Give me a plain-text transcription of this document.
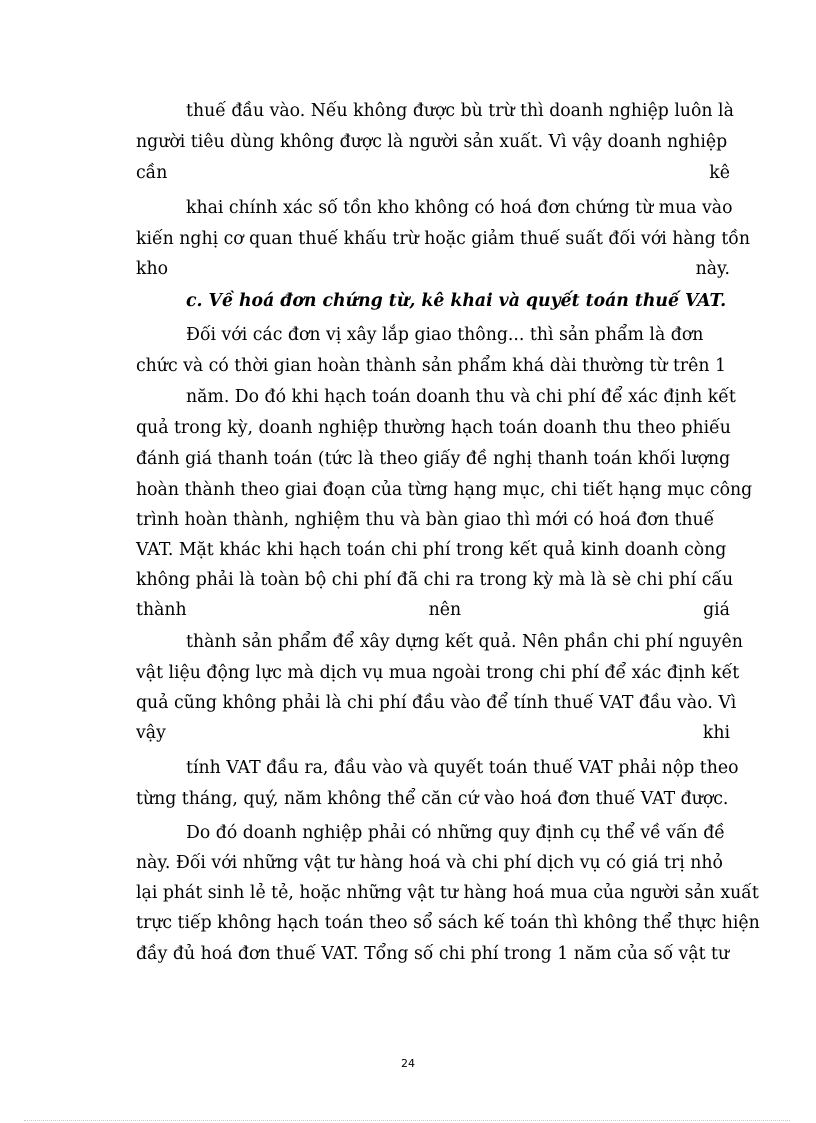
thuế đầu vào. Nếu không được bù trừ thì doanh nghiệp luôn là
người tiêu dùng không được là người sản xuất. Vì vậy doanh nghiệp
cần	kê
khai chính xác số tồn kho không có hoá đơn chứng từ mua vào
kiến nghị cơ quan thuế khấu trừ hoặc giảm thuế suất đối với hàng tồn
kho	này.
c. Về hoá đơn chứng từ, kê khai và quyết toán thuế VAT.
Đối với các đơn vị xây lắp giao thông... thì sản phẩm là đơn
chức và có thời gian hoàn thành sản phẩm khá dài thường từ trên 1
năm. Do đó khi hạch toán doanh thu và chi phí để xác định kết
quả trong kỳ, doanh nghiệp thường hạch toán doanh thu theo phiếu
đánh giá thanh toán (tức là theo giấy đề nghị thanh toán khối lượng
hoàn thành theo giai đoạn của từng hạng mục, chi tiết hạng mục công
trình hoàn thành, nghiệm thu và bàn giao thì mới có hoá đơn thuế
VAT. Mặt khác khi hạch toán chi phí trong kết quả kinh doanh còng
không phải là toàn bộ chi phí đã chi ra trong kỳ mà là sè chi phí cấu
thành	nên	giá
thành sản phẩm để xây dựng kết quả. Nên phần chi phí nguyên
vật liệu động lực mà dịch vụ mua ngoài trong chi phí để xác định kết
quả cũng không phải là chi phí đầu vào để tính thuế VAT đầu vào. Vì
vậy	khi
tính VAT đầu ra, đầu vào và quyết toán thuế VAT phải nộp theo
từng tháng, quý, năm không thể căn cứ vào hoá đơn thuế VAT được.
Do đó doanh nghiệp phải có những quy định cụ thể về vấn đề
này. Đối với những vật tư hàng hoá và chi phí dịch vụ có giá trị nhỏ
lại phát sinh lẻ tẻ, hoặc những vật tư hàng hoá mua của người sản xuất
trực tiếp không hạch toán theo sổ sách kế toán thì không thể thực hiện
đầy đủ hoá đơn thuế VAT. Tổng số chi phí trong 1 năm của số vật tư
24
